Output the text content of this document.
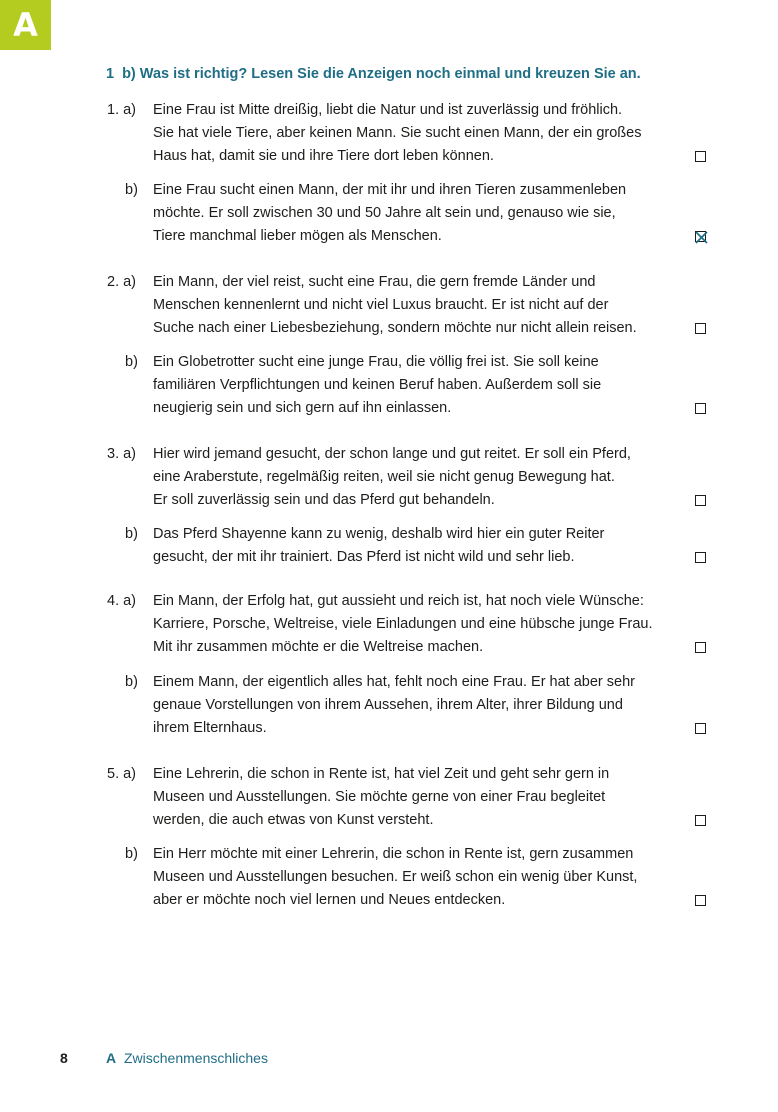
A
1 b) Was ist richtig? Lesen Sie die Anzeigen noch einmal und kreuzen Sie an.
1. a) Eine Frau ist Mitte dreißig, liebt die Natur und ist zuverlässig und fröhlich.
Sie hat viele Tiere, aber keinen Mann. Sie sucht einen Mann, der ein großes
Haus hat, damit sie und ihre Tiere dort leben können.
b) Eine Frau sucht einen Mann, der mit ihr und ihren Tieren zusammenleben
möchte. Er soll zwischen 30 und 50 Jahre alt sein und, genauso wie sie,
Tiere manchmal lieber mögen als Menschen.
2. a) Ein Mann, der viel reist, sucht eine Frau, die gern fremde Länder und
Menschen kennenlernt und nicht viel Luxus braucht. Er ist nicht auf der
Suche nach einer Liebesbeziehung, sondern möchte nur nicht allein reisen.
b) Ein Globetrotter sucht eine junge Frau, die völlig frei ist. Sie soll keine
familiären Verpflichtungen und keinen Beruf haben. Außerdem soll sie
neugierig sein und sich gern auf ihn einlassen.
3. a) Hier wird jemand gesucht, der schon lange und gut reitet. Er soll ein Pferd,
eine Araberstute, regelmäßig reiten, weil sie nicht genug Bewegung hat.
Er soll zuverlässig sein und das Pferd gut behandeln.
b) Das Pferd Shayenne kann zu wenig, deshalb wird hier ein guter Reiter
gesucht, der mit ihr trainiert. Das Pferd ist nicht wild und sehr lieb.
4. a) Ein Mann, der Erfolg hat, gut aussieht und reich ist, hat noch viele Wünsche:
Karriere, Porsche, Weltreise, viele Einladungen und eine hübsche junge Frau.
Mit ihr zusammen möchte er die Weltreise machen.
b) Einem Mann, der eigentlich alles hat, fehlt noch eine Frau. Er hat aber sehr
genaue Vorstellungen von ihrem Aussehen, ihrem Alter, ihrer Bildung und
ihrem Elternhaus.
5. a) Eine Lehrerin, die schon in Rente ist, hat viel Zeit und geht sehr gern in
Museen und Ausstellungen. Sie möchte gerne von einer Frau begleitet
werden, die auch etwas von Kunst versteht.
b) Ein Herr möchte mit einer Lehrerin, die schon in Rente ist, gern zusammen
Museen und Ausstellungen besuchen. Er weiß schon ein wenig über Kunst,
aber er möchte noch viel lernen und Neues entdecken.
8	A Zwischenmenschliches
